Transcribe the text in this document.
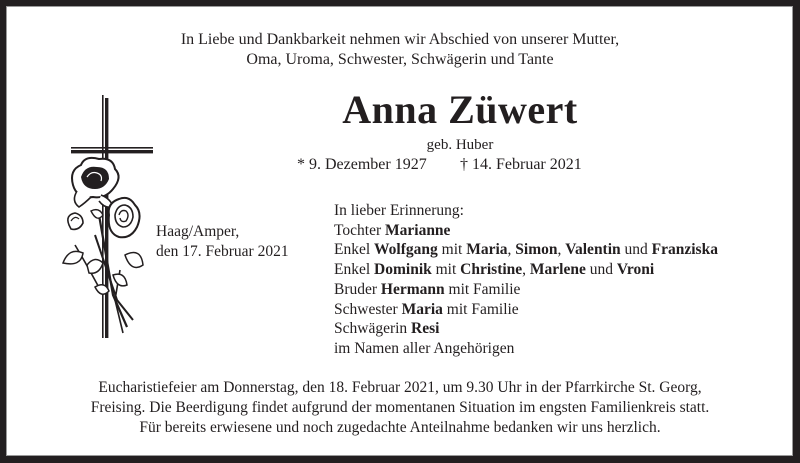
In Liebe und Dankbarkeit nehmen wir Abschied von unserer Mutter,
Oma, Uroma, Schwester, Schwägerin und Tante
Anna Züwert
geb. Huber
* 9. Dezember 1927 † 14. Februar 2021
Haag/Amper,
den 17. Februar 2021
In lieber Erinnerung:
Tochter Marianne
Enkel Wolfgang mit Maria, Simon, Valentin und Franziska
Enkel Dominik mit Christine, Marlene und Vroni
Bruder Hermann mit Familie
Schwester Maria mit Familie
Schwägerin Resi
im Namen aller Angehörigen
Eucharistiefeier am Donnerstag, den 18. Februar 2021, um 9.30 Uhr in der Pfarrkirche St. Georg,
Freising. Die Beerdigung findet aufgrund der momentanen Situation im engsten Familienkreis statt.
Für bereits erwiesene und noch zugedachte Anteilnahme bedanken wir uns herzlich.
